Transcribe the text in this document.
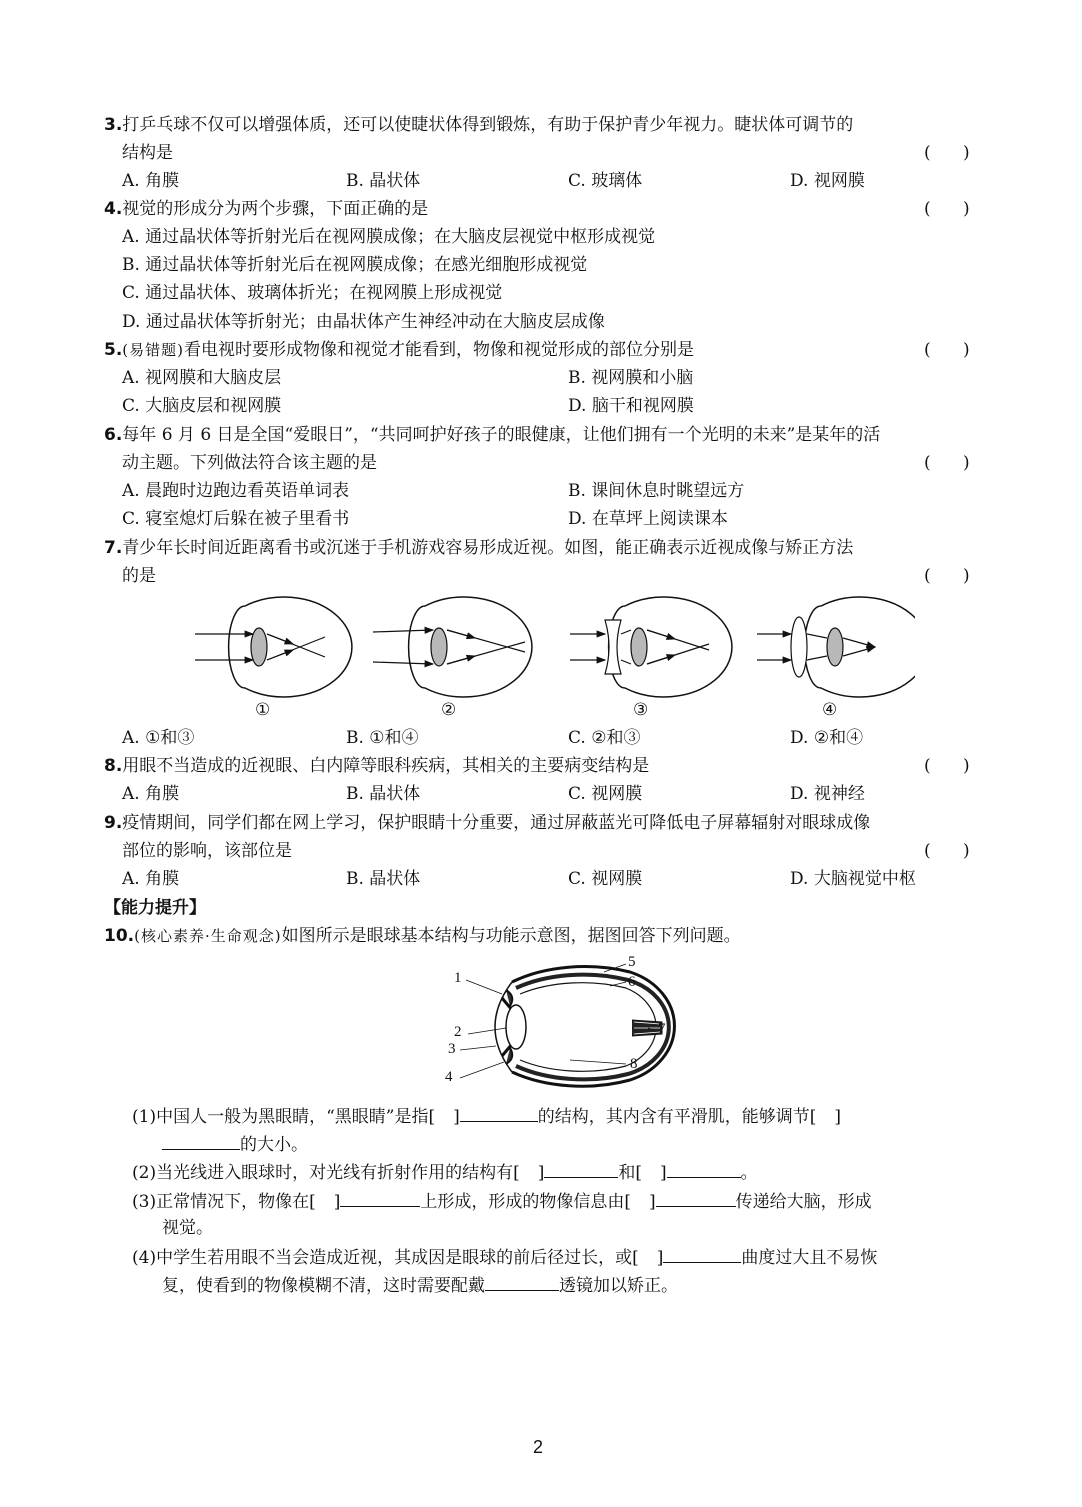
3.打乒乓球不仅可以增强体质，还可以使睫状体得到锻炼，有助于保护青少年视力。睫状体可调节的
结构是	(      )
A. 角膜	B. 晶状体	C. 玻璃体	D. 视网膜
4.视觉的形成分为两个步骤，下面正确的是	(      )
A. 通过晶状体等折射光后在视网膜成像；在大脑皮层视觉中枢形成视觉
B. 通过晶状体等折射光后在视网膜成像；在感光细胞形成视觉
C. 通过晶状体、玻璃体折光；在视网膜上形成视觉
D. 通过晶状体等折射光；由晶状体产生神经冲动在大脑皮层成像
5.(易错题)看电视时要形成物像和视觉才能看到，物像和视觉形成的部位分别是	(      )
A. 视网膜和大脑皮层	B. 视网膜和小脑
C. 大脑皮层和视网膜	D. 脑干和视网膜
6.每年 6 月 6 日是全国“爱眼日”，“共同呵护好孩子的眼健康，让他们拥有一个光明的未来”是某年的活
动主题。下列做法符合该主题的是	(      )
A. 晨跑时边跑边看英语单词表	B. 课间休息时眺望远方
C. 寝室熄灯后躲在被子里看书	D. 在草坪上阅读课本
7.青少年长时间近距离看书或沉迷于手机游戏容易形成近视。如图，能正确表示近视成像与矫正方法
的是	(      )
①	②	③	④
A. ①和③	B. ①和④	C. ②和③	D. ②和④
8.用眼不当造成的近视眼、白内障等眼科疾病，其相关的主要病变结构是	(      )
A. 角膜	B. 晶状体	C. 视网膜	D. 视神经
9.疫情期间，同学们都在网上学习，保护眼睛十分重要，通过屏蔽蓝光可降低电子屏幕辐射对眼球成像
部位的影响，该部位是	(      )
A. 角膜	B. 晶状体	C. 视网膜	D. 大脑视觉中枢
【能力提升】
10.(核心素养·生命观念)如图所示是眼球基本结构与功能示意图，据图回答下列问题。
1
2
3
4
5
6
7
8
(1)中国人一般为黑眼睛，“黑眼睛”是指[ ]	的结构，其内含有平滑肌，能够调节[ ]
的大小。
(2)当光线进入眼球时，对光线有折射作用的结构有[ ]	和[ ]	。
(3)正常情况下，物像在[ ]	上形成，形成的物像信息由[ ]	传递给大脑，形成
视觉。
(4)中学生若用眼不当会造成近视，其成因是眼球的前后径过长，或[ ]	曲度过大且不易恢
复，使看到的物像模糊不清，这时需要配戴	透镜加以矫正。
2
